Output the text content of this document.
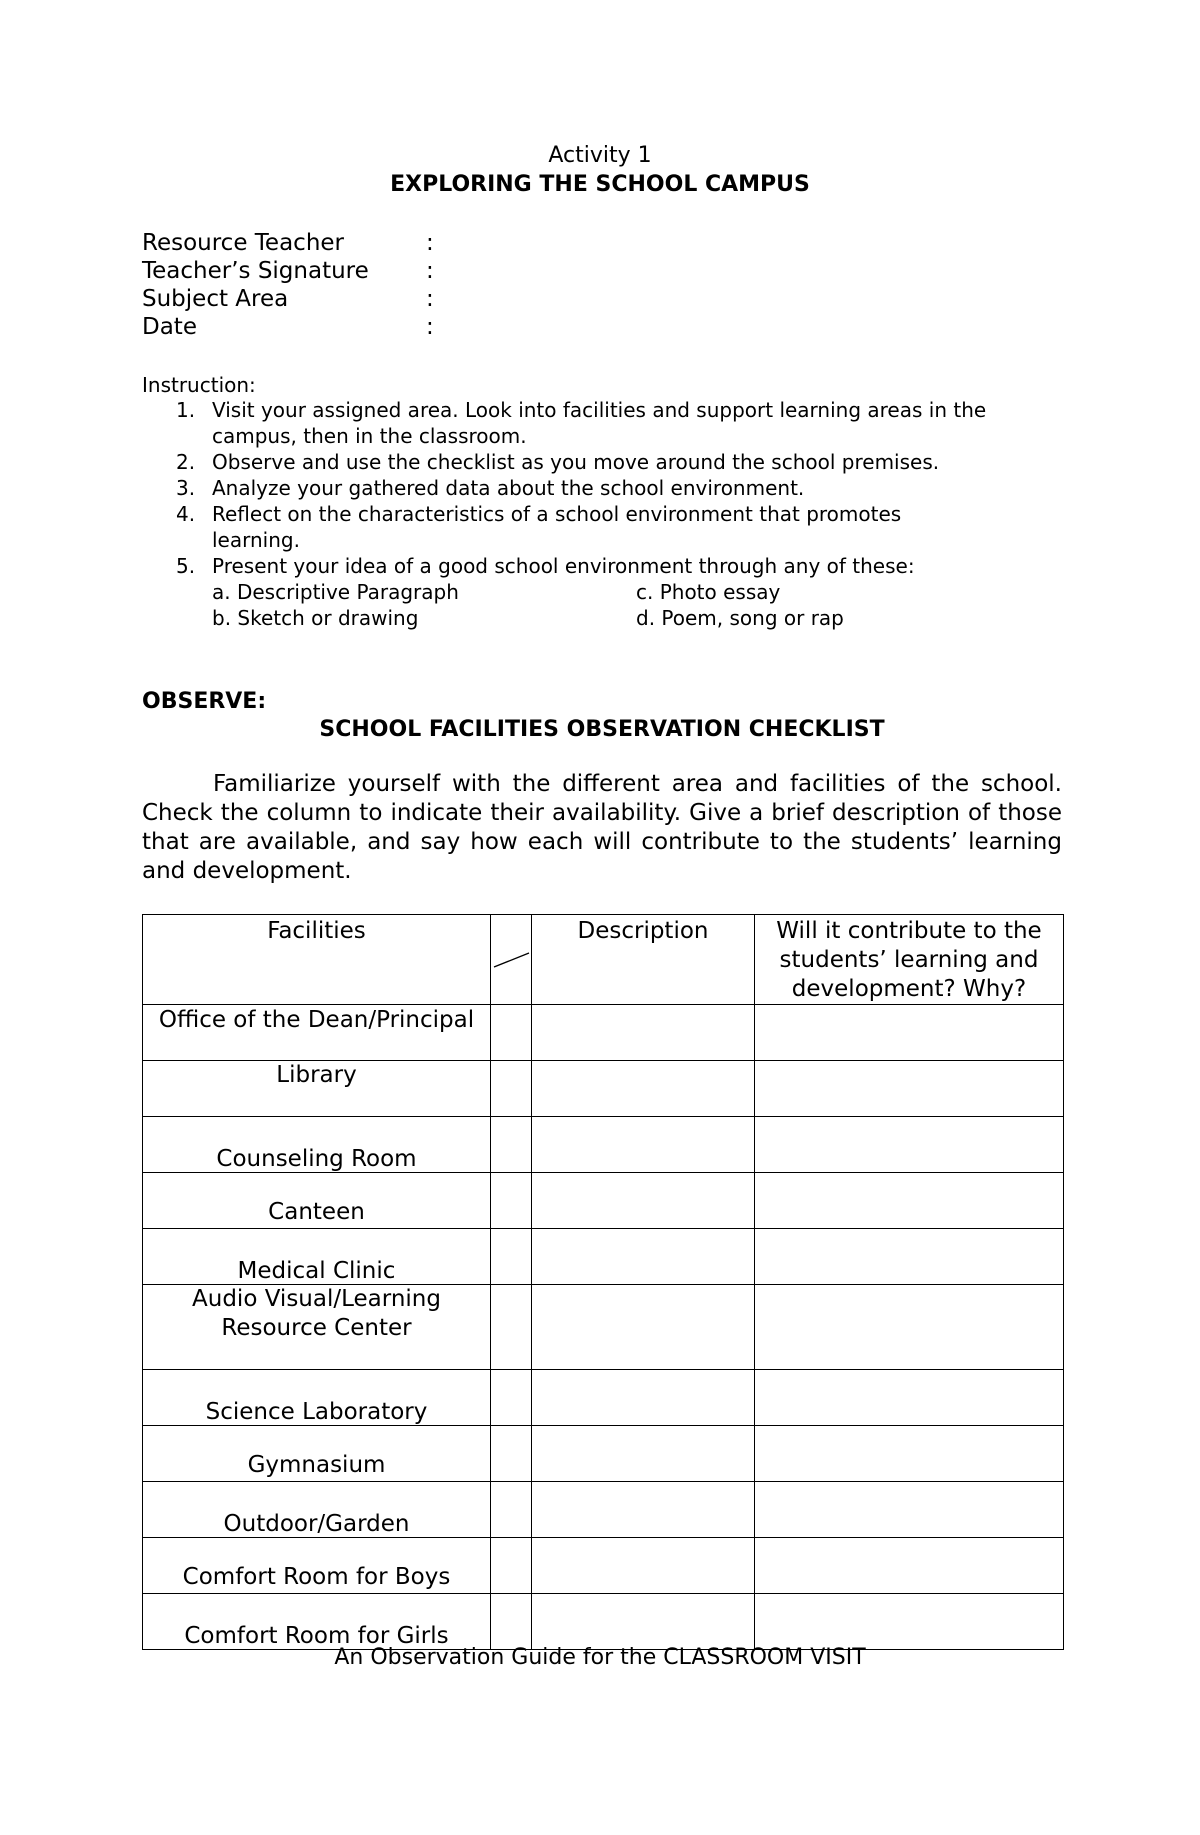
Activity 1
EXPLORING THE SCHOOL CAMPUS
Resource Teacher	:
Teacher’s Signature :
Subject Area	:
Date	:
Instruction:
1. Visit your assigned area. Look into facilities and support learning areas in the
campus, then in the classroom.
2. Observe and use the checklist as you move around the school premises.
3. Analyze your gathered data about the school environment.
4. Reflect on the characteristics of a school environment that promotes
learning.
5. Present your idea of a good school environment through any of these:
a. Descriptive Paragraph	c. Photo essay
b. Sketch or drawing	d. Poem, song or rap
OBSERVE:
SCHOOL FACILITIES OBSERVATION CHECKLIST

Familiarize yourself with the different area and facilities of the school. Check the column to indicate their availability. Give a brief description of those that are available, and say how each will contribute to the students’ learning and development.

Facilities		Description	Will it contribute to the students’ learning and development? Why?

Office of the Dean/Principal			

Library			

Counseling Room			

Canteen			

Medical Clinic			

Audio Visual/Learning Resource Center			

Science Laboratory			

Gymnasium			

Outdoor/Garden			

Comfort Room for Boys			

Comfort Room for Girls			

An Observation Guide for the CLASSROOM VISIT
